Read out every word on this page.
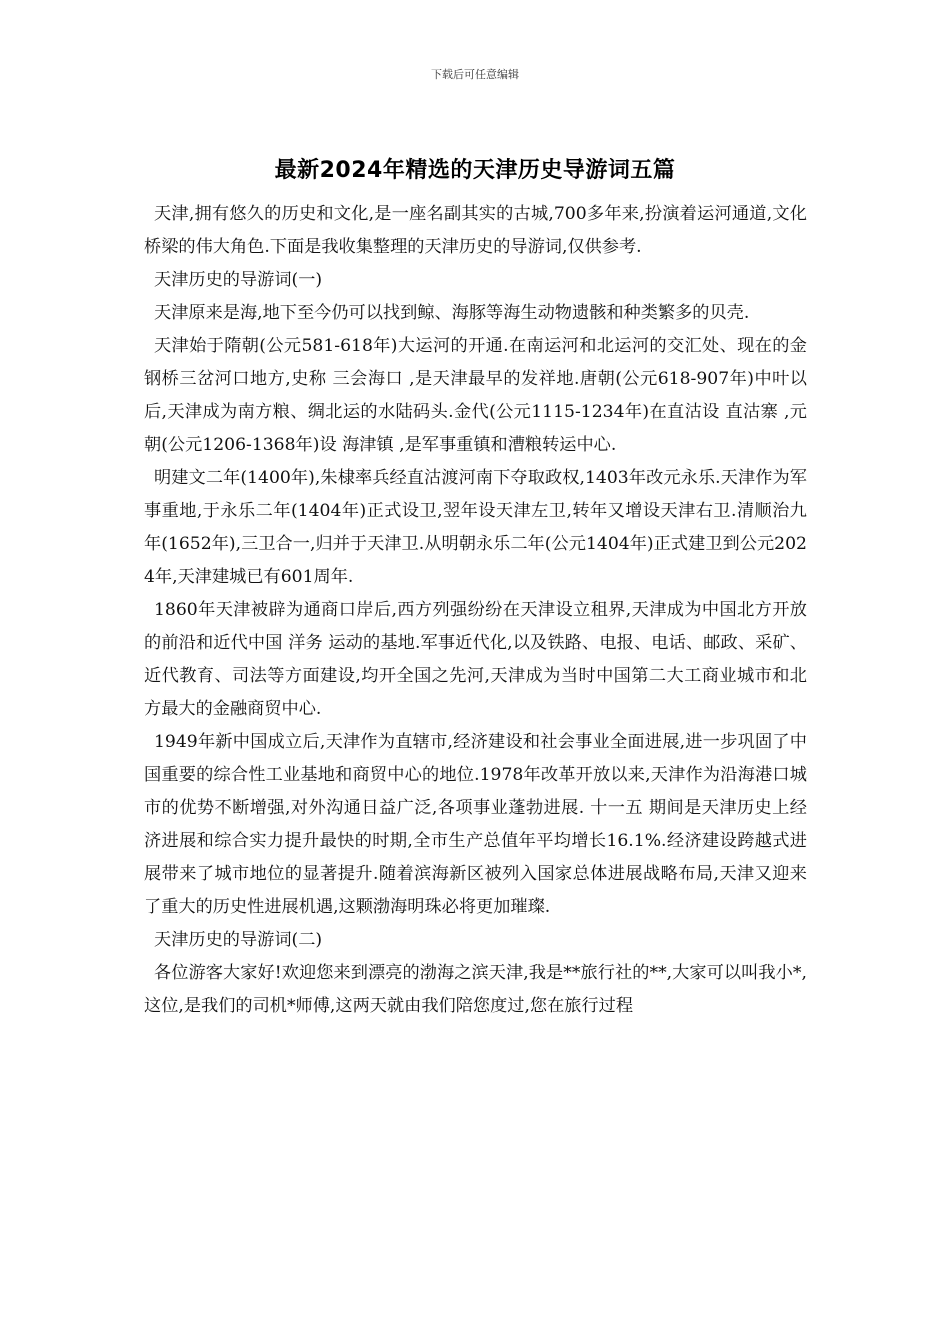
下载后可任意编辑
最新2024年精选的天津历史导游词五篇

天津,拥有悠久的历史和文化,是一座名副其实的古城,700多年来,扮演着运河通道,文化桥梁的伟大角色.下面是我收集整理的天津历史的导游词,仅供参考.

天津历史的导游词(一)

天津原来是海,地下至今仍可以找到鲸、海豚等海生动物遗骸和种类繁多的贝壳.

天津始于隋朝(公元581-618年)大运河的开通.在南运河和北运河的交汇处、现在的金钢桥三岔河口地方,史称 三会海口 ,是天津最早的发祥地.唐朝(公元618-907年)中叶以后,天津成为南方粮、绸北运的水陆码头.金代(公元1115-1234年)在直沽设 直沽寨 ,元朝(公元1206-1368年)设 海津镇 ,是军事重镇和漕粮转运中心.

明建文二年(1400年),朱棣率兵经直沽渡河南下夺取政权,1403年改元永乐.天津作为军事重地,于永乐二年(1404年)正式设卫,翌年设天津左卫,转年又增设天津右卫.清顺治九年(1652年),三卫合一,归并于天津卫.从明朝永乐二年(公元1404年)正式建卫到公元2024年,天津建城已有601周年.

1860年天津被辟为通商口岸后,西方列强纷纷在天津设立租界,天津成为中国北方开放的前沿和近代中国 洋务 运动的基地.军事近代化,以及铁路、电报、电话、邮政、采矿、近代教育、司法等方面建设,均开全国之先河,天津成为当时中国第二大工商业城市和北方最大的金融商贸中心.

1949年新中国成立后,天津作为直辖市,经济建设和社会事业全面进展,进一步巩固了中国重要的综合性工业基地和商贸中心的地位.1978年改革开放以来,天津作为沿海港口城市的优势不断增强,对外沟通日益广泛,各项事业蓬勃进展. 十一五 期间是天津历史上经济进展和综合实力提升最快的时期,全市生产总值年平均增长16.1%.经济建设跨越式进展带来了城市地位的显著提升.随着滨海新区被列入国家总体进展战略布局,天津又迎来了重大的历史性进展机遇,这颗渤海明珠必将更加璀璨.

天津历史的导游词(二)

各位游客大家好!欢迎您来到漂亮的渤海之滨天津,我是**旅行社的**,大家可以叫我小*,这位,是我们的司机*师傅,这两天就由我们陪您度过,您在旅行过程
